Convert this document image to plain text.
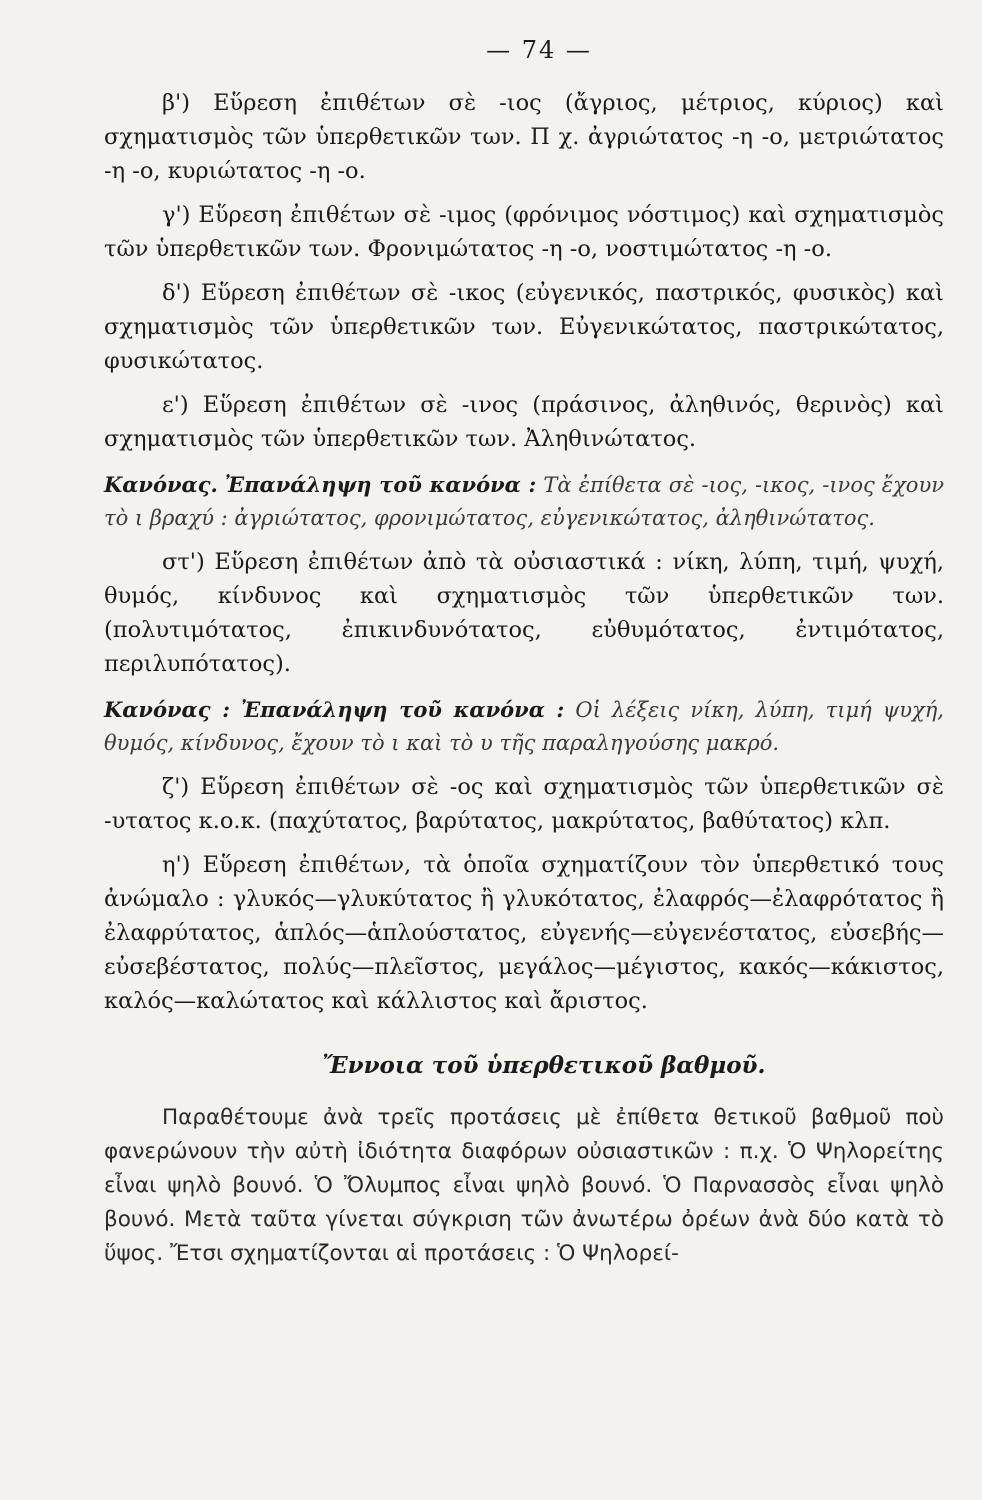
— 74 —

β') Εὕρεση ἐπιθέτων σὲ -ιος (ἄγριος, μέτριος, κύριος) καὶ σχηματισμὸς τῶν ὑπερθετικῶν των. Π χ. ἀγριώτατος -η -ο, μετριώτατος -η -ο, κυριώτατος -η -ο.

γ') Εὕρεση ἐπιθέτων σὲ -ιμος (φρόνιμος νόστιμος) καὶ σχηματισμὸς τῶν ὑπερθετικῶν των. Φρονιμώτατος -η -ο, νοστιμώτατος -η -ο.

δ') Εὕρεση ἐπιθέτων σὲ -ικος (εὐγενικός, παστρικός, φυσικὸς) καὶ σχηματισμὸς τῶν ὑπερθετικῶν των. Εὐγενικώτατος, παστρικώτατος, φυσικώτατος.

ε') Εὕρεση ἐπιθέτων σὲ -ινος (πράσινος, ἀληθινός, θερινὸς) καὶ σχηματισμὸς τῶν ὑπερθετικῶν των. Ἀληθινώτατος.

Κανόνας. Ἐπανάληψη τοῦ κανόνα : Τὰ ἐπίθετα σὲ -ιος, -ικος, -ινος ἔχουν τὸ ι βραχύ : ἀγριώτατος, φρονιμώτατος, εὐγενικώτατος, ἀληθινώτατος.

στ') Εὕρεση ἐπιθέτων ἀπὸ τὰ οὐσιαστικά : νίκη, λύπη, τιμή, ψυχή, θυμός, κίνδυνος καὶ σχηματισμὸς τῶν ὑπερθετικῶν των. (πολυτιμότατος, ἐπικινδυνότατος, εὐθυμότατος, ἐντιμότατος, περιλυπότατος).

Κανόνας : Ἐπανάληψη τοῦ κανόνα : Οἱ λέξεις νίκη, λύπη, τιμή ψυχή, θυμός, κίνδυνος, ἔχουν τὸ ι καὶ τὸ υ τῆς παραληγούσης μακρό.

ζ') Εὕρεση ἐπιθέτων σὲ -ος καὶ σχηματισμὸς τῶν ὑπερθετικῶν σὲ -υτατος κ.ο.κ. (παχύτατος, βαρύτατος, μακρύτατος, βαθύτατος) κλπ.

η') Εὕρεση ἐπιθέτων, τὰ ὁποῖα σχηματίζουν τὸν ὑπερθετικό τους ἀνώμαλο : γλυκός—γλυκύτατος ἢ γλυκότατος, ἐλαφρός—ἐλαφρότατος ἢ ἐλαφρύτατος, ἁπλός—ἁπλούστατος, εὐγενής—εὐγενέστατος, εὐσεβής—εὐσεβέστατος, πολύς—πλεῖστος, μεγάλος—μέγιστος, κακός—κάκιστος, καλός—καλώτατος καὶ κάλλιστος καὶ ἄριστος.

Ἔννοια τοῦ ὑπερθετικοῦ βαθμοῦ.

Παραθέτουμε ἀνὰ τρεῖς προτάσεις μὲ ἐπίθετα θετικοῦ βαθμοῦ ποὺ φανερώνουν τὴν αὐτὴ ἰδιότητα διαφόρων οὐσιαστικῶν : π.χ. Ὁ Ψηλορείτης εἶναι ψηλὸ βουνό. Ὁ Ὄλυμπος εἶναι ψηλὸ βουνό. Ὁ Παρνασσὸς εἶναι ψηλὸ βουνό. Μετὰ ταῦτα γίνεται σύγκριση τῶν ἀνωτέρω ὀρέων ἀνὰ δύο κατὰ τὸ ὕψος. Ἔτσι σχηματίζονται αἱ προτάσεις : Ὁ Ψηλορεί-
